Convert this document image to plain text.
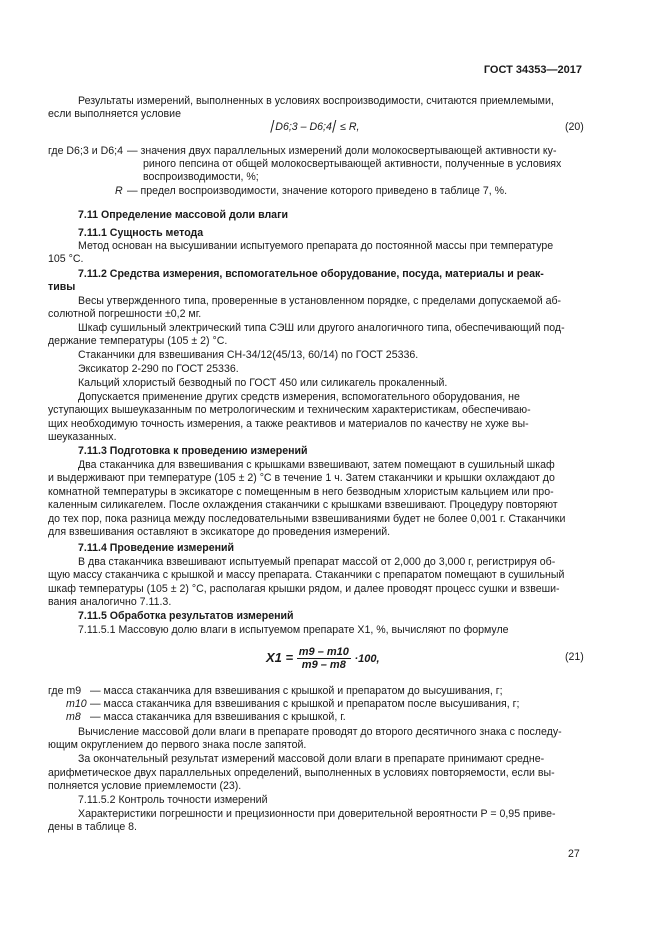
ГОСТ 34353—2017
Результаты измерений, выполненных в условиях воспроизводимости, считаются приемлемыми,
если выполняется условие
⎜D6;3 – D6;4⎜ ≤ R,	(20)
где D6;3 и D6;4 — значения двух параллельных измерений доли молокосвертывающей активности ку-
риного пепсина от общей молокосвертывающей активности, полученные в условиях
воспроизводимости, %;
R — предел воспроизводимости, значение которого приведено в таблице 7, %.
7.11 Определение массовой доли влаги
7.11.1 Сущность метода
Метод основан на высушивании испытуемого препарата до постоянной массы при температуре
105 °С.
7.11.2 Средства измерения, вспомогательное оборудование, посуда, материалы и реак-
тивы
Весы утвержденного типа, проверенные в установленном порядке, с пределами допускаемой аб-
солютной погрешности ±0,2 мг.
Шкаф сушильный электрический типа СЭШ или другого аналогичного типа, обеспечивающий под-
держание температуры (105 ± 2) °С.
Стаканчики для взвешивания СН-34/12(45/13, 60/14) по ГОСТ 25336.
Эксикатор 2-290 по ГОСТ 25336.
Кальций хлористый безводный по ГОСТ 450 или силикагель прокаленный.
Допускается применение других средств измерения, вспомогательного оборудования, не
уступающих вышеуказанным по метрологическим и техническим характеристикам, обеспечиваю-
щих необходимую точность измерения, а также реактивов и материалов по качеству не хуже вы-
шеуказанных.
7.11.3 Подготовка к проведению измерений
Два стаканчика для взвешивания с крышками взвешивают, затем помещают в сушильный шкаф
и выдерживают при температуре (105 ± 2) °С в течение 1 ч. Затем стаканчики и крышки охлаждают до
комнатной температуры в эксикаторе с помещенным в него безводным хлористым кальцием или про-
каленным силикагелем. После охлаждения стаканчики с крышками взвешивают. Процедуру повторяют
до тех пор, пока разница между последовательными взвешиваниями будет не более 0,001 г. Стаканчики
для взвешивания оставляют в эксикаторе до проведения измерений.
7.11.4 Проведение измерений
В два стаканчика взвешивают испытуемый препарат массой от 2,000 до 3,000 г, регистрируя об-
щую массу стаканчика с крышкой и массу препарата. Стаканчики с препаратом помещают в сушильный
шкаф температуры (105 ± 2) °С, располагая крышки рядом, и далее проводят процесс сушки и взвеши-
вания аналогично 7.11.3.
7.11.5 Обработка результатов измерений
7.11.5.1 Массовую долю влаги в испытуемом препарате X1, %, вычисляют по формуле
$X1 = \frac{m9 - m10}{m9 - m8} \cdot 100$,	(21)
где m9 — масса стаканчика для взвешивания с крышкой и препаратом до высушивания, г;
m10 — масса стаканчика для взвешивания с крышкой и препаратом после высушивания, г;
m8 — масса стаканчика для взвешивания с крышкой, г.
Вычисление массовой доли влаги в препарате проводят до второго десятичного знака с последу-
ющим округлением до первого знака после запятой.
За окончательный результат измерений массовой доли влаги в препарате принимают средне-
арифметическое двух параллельных определений, выполненных в условиях повторяемости, если вы-
полняется условие приемлемости (23).
7.11.5.2 Контроль точности измерений
Характеристики погрешности и прецизионности при доверительной вероятности P = 0,95 приве-
дены в таблице 8.
27
